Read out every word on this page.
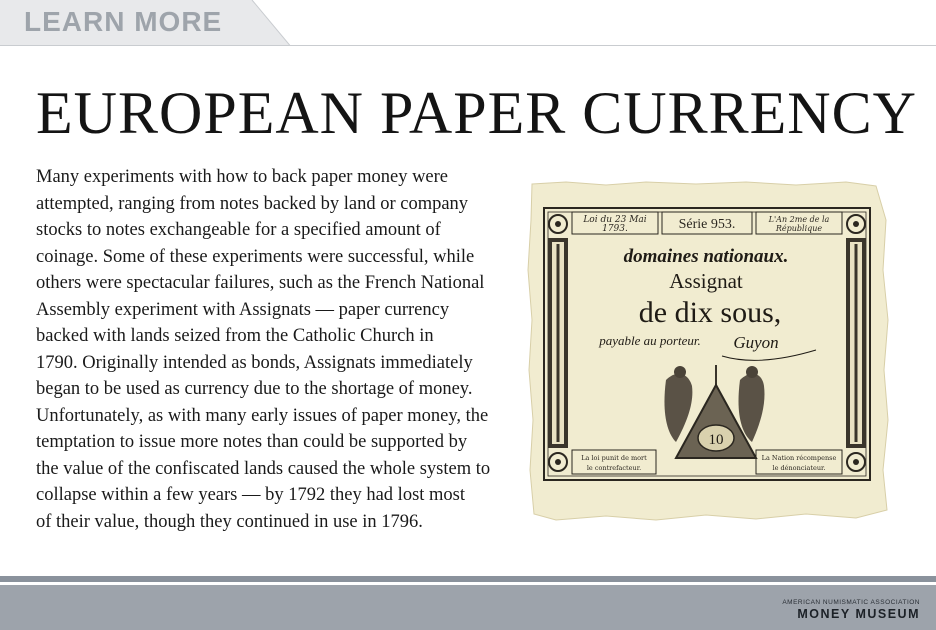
LEARN MORE
EUROPEAN PAPER CURRENCY
Many experiments with how to back paper money were
attempted, ranging from notes backed by land or company
stocks to notes exchangeable for a specified amount of
coinage. Some of these experiments were successful, while
others were spectacular failures, such as the French National
Assembly experiment with Assignats — paper currency
backed with lands seized from the Catholic Church in
1790. Originally intended as bonds, Assignats immediately
began to be used as currency due to the shortage of money.
Unfortunately, as with many early issues of paper money, the
temptation to issue more notes than could be supported by
the value of the confiscated lands caused the whole system to
collapse within a few years — by 1792 they had lost most
of their value, though they continued in use in 1796.
Loi du 23 Mai
1793.	Série 953.	L'An 2me de la
République
domaines nationaux.
Assignat
de dix sous,
payable au porteur. Guyon
10
La loi punit de mort
le contrefacteur.
La Nation récompense
le dénonciateur.
AMERICAN NUMISMATIC ASSOCIATION
MONEY MUSEUM
